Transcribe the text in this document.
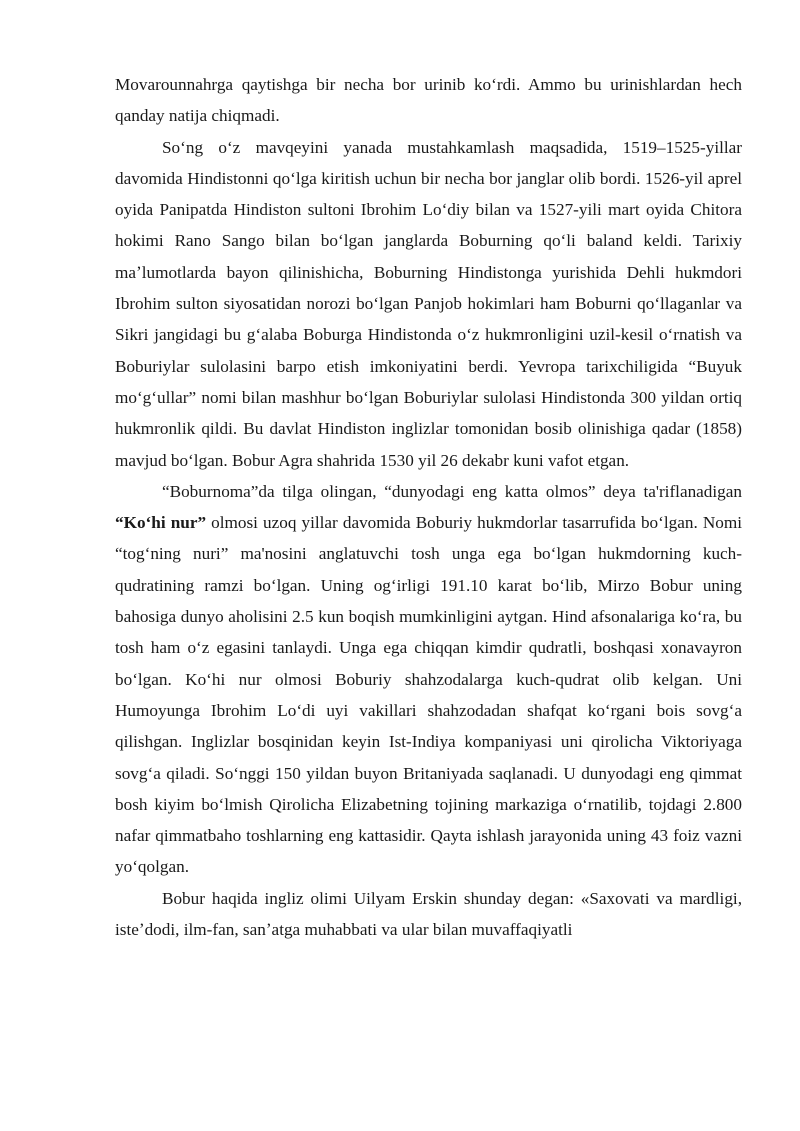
Movarounnahrga qaytishga bir necha bor urinib koʻrdi. Ammo bu urinishlardan hech qanday natija chiqmadi.

Soʻng oʻz mavqeyini yanada mustahkamlash maqsadida, 1519–1525-yillar davomida Hindistonni qoʻlga kiritish uchun bir necha bor janglar olib bordi. 1526-yil aprel oyida Panipatda Hindiston sultoni Ibrohim Loʻdiy bilan va 1527-yili mart oyida Chitora hokimi Rano Sango bilan boʻlgan janglarda Boburning qoʻli baland keldi. Tarixiy maʼlumotlarda bayon qilinishicha, Boburning Hindistonga yurishida Dehli hukmdori Ibrohim sulton siyosatidan norozi boʻlgan Panjob hokimlari ham Boburni qoʻllaganlar va Sikri jangidagi bu gʻalaba Boburga Hindistonda oʻz hukmronligini uzil-kesil oʻrnatish va Boburiylar sulolasini barpo etish imkoniyatini berdi. Yevropa tarixchiligida “Buyuk moʻgʻullar” nomi bilan mashhur boʻlgan Boburiylar sulolasi Hindistonda 300 yildan ortiq hukmronlik qildi. Bu davlat Hindiston inglizlar tomonidan bosib olinishiga qadar (1858) mavjud boʻlgan. Bobur Agra shahrida 1530 yil 26 dekabr kuni vafot etgan.

“Boburnoma”da tilga olingan, “dunyodagi eng katta olmos” deya ta'riflanadigan “Koʻhi nur” olmosi uzoq yillar davomida Boburiy hukmdorlar tasarrufida boʻlgan. Nomi “togʻning nuri” ma'nosini anglatuvchi tosh unga ega boʻlgan hukmdorning kuch-qudratining ramzi boʻlgan. Uning ogʻirligi 191.10 karat boʻlib, Mirzo Bobur uning bahosiga dunyo aholisini 2.5 kun boqish mumkinligini aytgan. Hind afsonalariga koʻra, bu tosh ham oʻz egasini tanlaydi. Unga ega chiqqan kimdir qudratli, boshqasi xonavayron boʻlgan. Koʻhi nur olmosi Boburiy shahzodalarga kuch-qudrat olib kelgan. Uni Humoyunga Ibrohim Loʻdi uyi vakillari shahzodadan shafqat koʻrgani bois sovgʻa qilishgan. Inglizlar bosqinidan keyin Ist-Indiya kompaniyasi uni qirolicha Viktoriyaga sovgʻa qiladi. Soʻnggi 150 yildan buyon Britaniyada saqlanadi. U dunyodagi eng qimmat bosh kiyim boʻlmish Qirolicha Elizabetning tojining markaziga oʻrnatilib, tojdagi 2.800 nafar qimmatbaho toshlarning eng kattasidir. Qayta ishlash jarayonida uning 43 foiz vazni yoʻqolgan.

Bobur haqida ingliz olimi Uilyam Erskin shunday degan: «Saxovati va mardligi, isteʼdodi, ilm-fan, sanʼatga muhabbati va ular bilan muvaffaqiyatli
